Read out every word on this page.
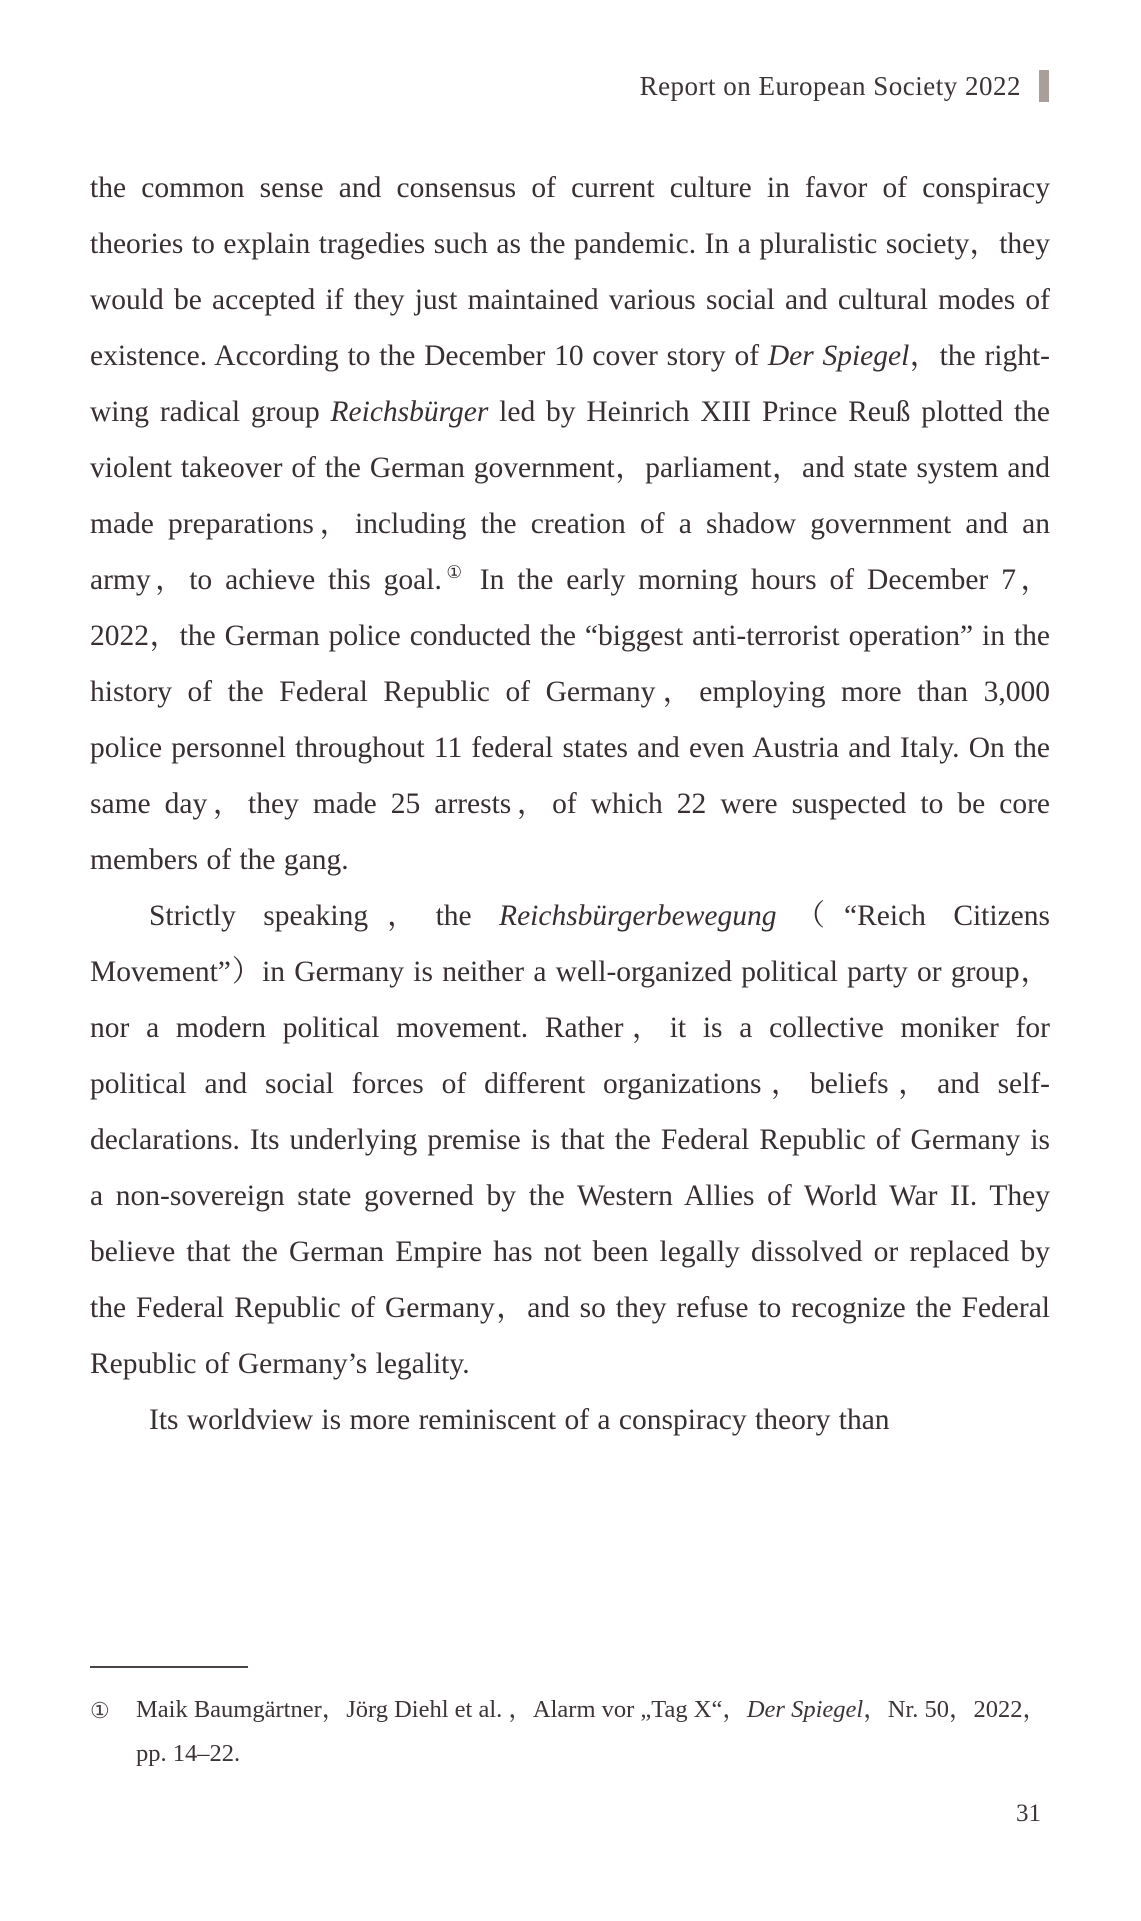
Report on European Society 2022

the common sense and consensus of current culture in favor of conspiracy theories to explain tragedies such as the pandemic. In a pluralistic society，they would be accepted if they just maintained various social and cultural modes of existence. According to the December 10 cover story of Der Spiegel，the right-wing radical group Reichsbürger led by Heinrich XIII Prince Reuß plotted the violent takeover of the German government，parliament，and state system and made preparations，including the creation of a shadow government and an army，to achieve this goal.① In the early morning hours of December 7，2022，the German police conducted the “biggest anti-terrorist operation” in the history of the Federal Republic of Germany，employing more than 3,000 police personnel throughout 11 federal states and even Austria and Italy. On the same day，they made 25 arrests，of which 22 were suspected to be core members of the gang.

Strictly speaking，the Reichsbürgerbewegung（“Reich Citizens Movement”）in Germany is neither a well-organized political party or group，nor a modern political movement. Rather，it is a collective moniker for political and social forces of different organizations，beliefs，and self-declarations. Its underlying premise is that the Federal Republic of Germany is a non-sovereign state governed by the Western Allies of World War II. They believe that the German Empire has not been legally dissolved or replaced by the Federal Republic of Germany，and so they refuse to recognize the Federal Republic of Germany’s legality.

Its worldview is more reminiscent of a conspiracy theory than

①	Maik Baumgärtner，Jörg Diehl et al. ，Alarm vor „Tag X“，Der Spiegel，Nr. 50，2022，pp. 14–22.
31
